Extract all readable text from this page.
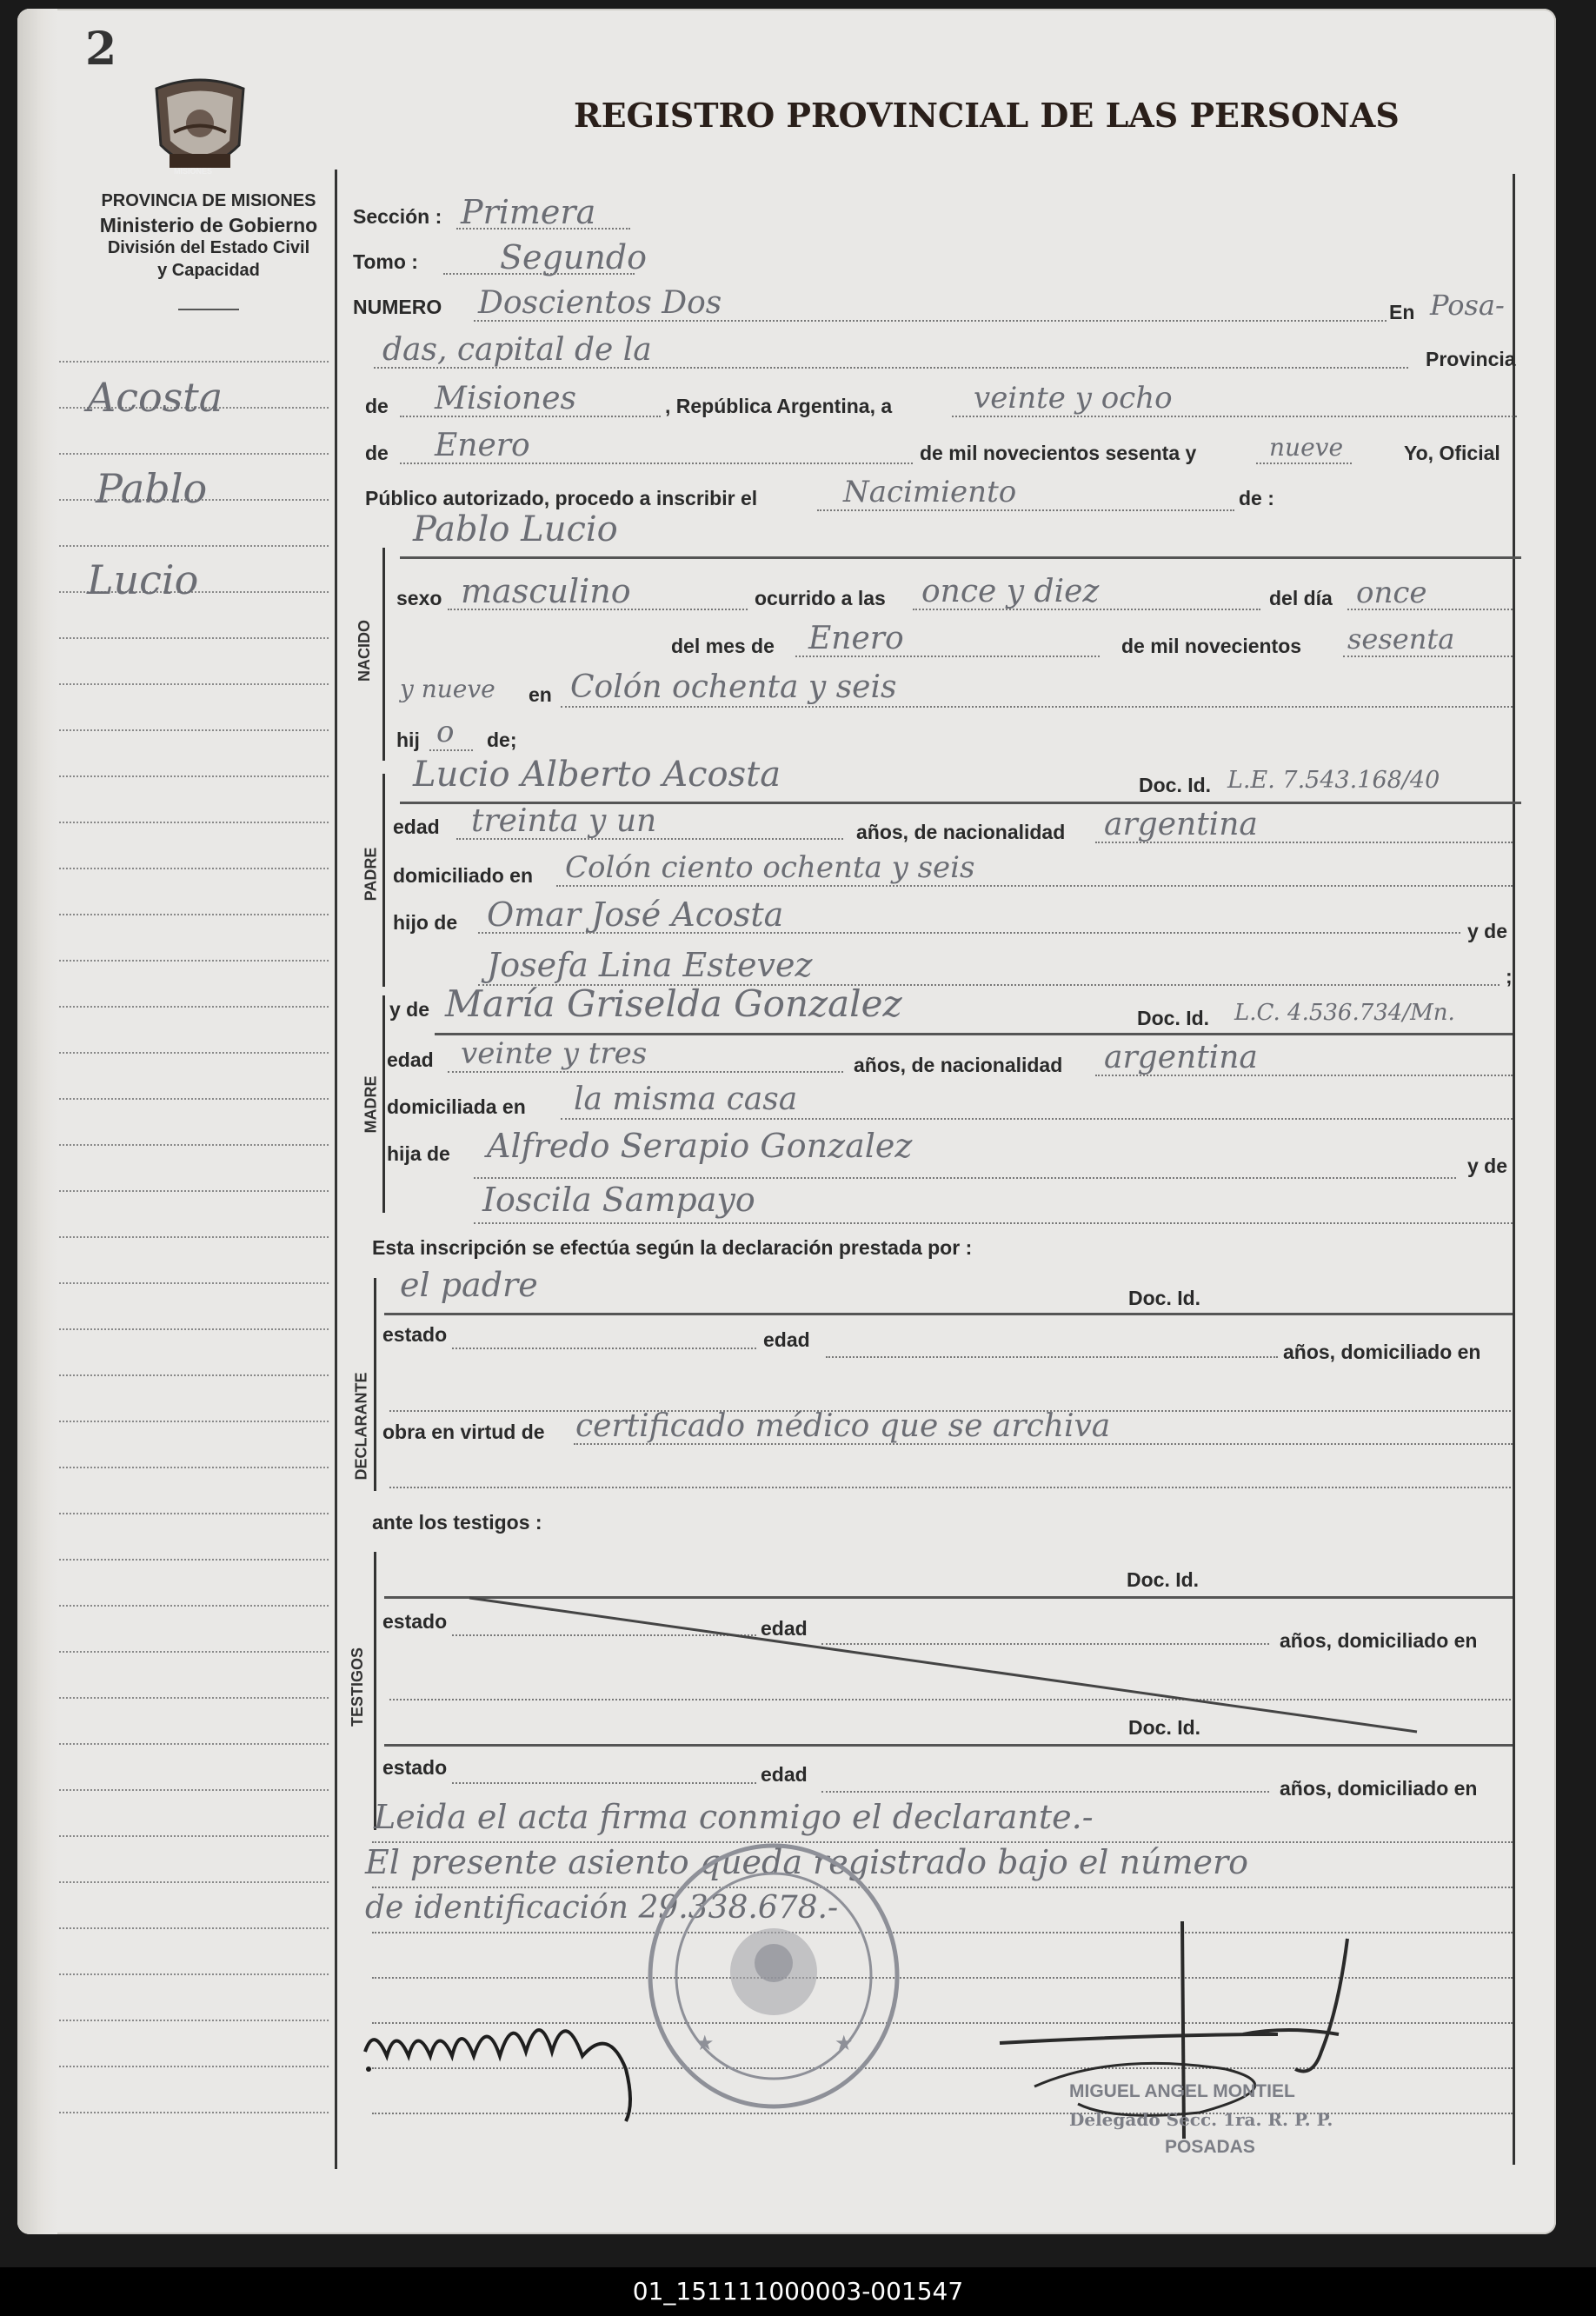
2
MISIONES
PROVINCIA DE MISIONES
Ministerio de Gobierno
División del Estado Civil
y Capacidad
REGISTRO PROVINCIAL DE LAS PERSONAS
Acosta
Pablo
Lucio
Sección : Primera
Tomo : Segundo
NUMERO Doscientos Dos	En Posa-
das, capital de la	Provincia
de Misiones	, República Argentina, a	veinte y ocho
de Enero	de mil novecientos sesenta y	nueve	Yo, Oficial
Público autorizado, procedo a inscribir el	Nacimiento	de :
Pablo Lucio
NACIDO
sexo masculino	ocurrido a las once y diez	del día once
del mes de Enero	de mil novecientos sesenta
y nueve en Colón ochenta y seis
hij o de;
PADRE
Lucio Alberto Acosta	Doc. Id. L.E. 7.543.168/40
edad treinta y un	años, de nacionalidad argentina
domiciliado en Colón ciento ochenta y seis
hijo de Omar José Acosta	y de
Josefa Lina Estevez	;
MADRE
y de María Griselda Gonzalez	Doc. Id. L.C. 4.536.734/Mn.
edad veinte y tres	años, de nacionalidad argentina
domiciliada en la misma casa
hija de Alfredo Serapio Gonzalez
y de
Ioscila Sampayo
Esta inscripción se efectúa según la declaración prestada por :
DECLARANTE
el padre	Doc. Id.
estado	edad
años, domiciliado en
obra en virtud de certificado médico que se archiva
ante los testigos :
TESTIGOS
Doc. Id.
estado	edad
años, domiciliado en
Doc. Id.
estado	edad
años, domiciliado en
Leida el acta firma conmigo el declarante.-
El presente asiento queda registrado bajo el número
de identificación 29.338.678.-
★	★
MIGUEL ANGEL MONTIEL
Delegado Secc. 1ra. R. P. P.
POSADAS
01_151111000003-001547
